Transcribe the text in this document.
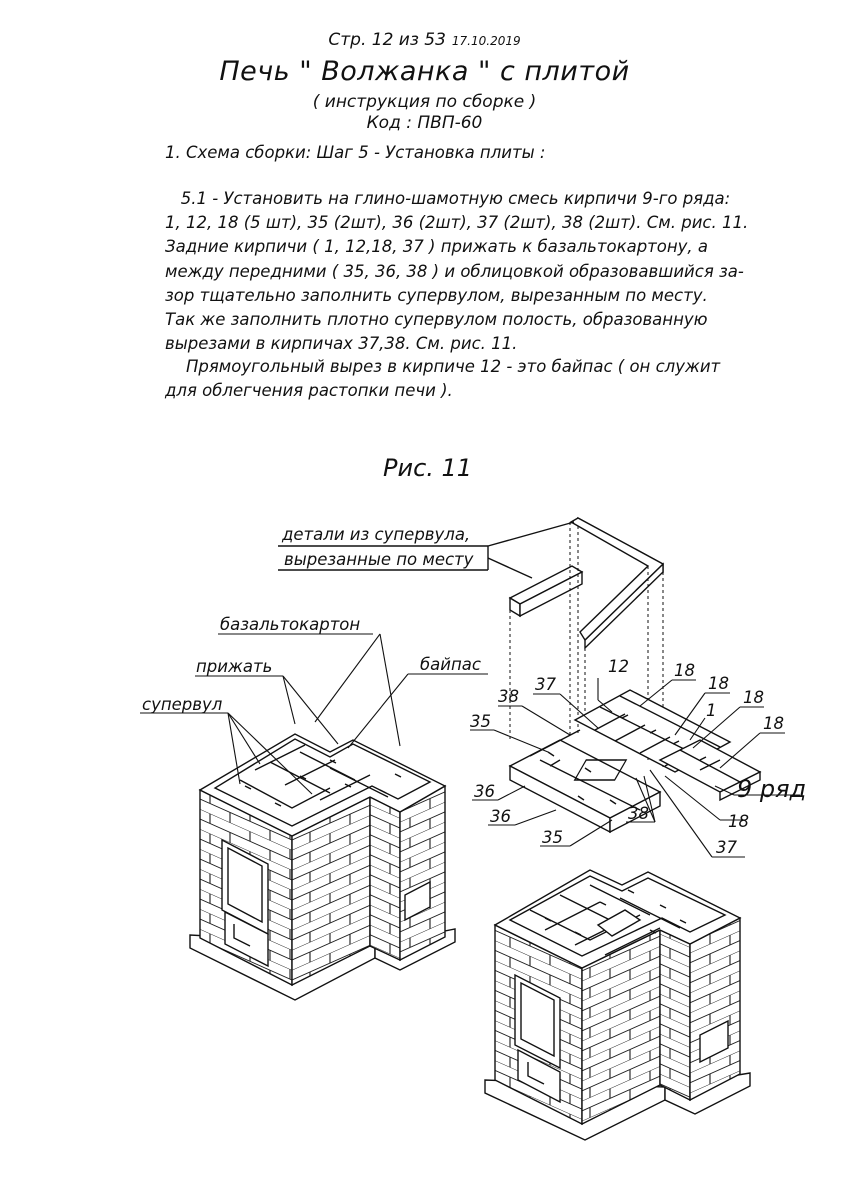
Стр. 12 из 53 17.10.2019
Печь " Волжанка " с плитой
( инструкция по сборке )
Код : ПВП-60
1. Схема сборки: Шаг 5 - Установка плиты :
5.1 - Установить на глино-шамотную смесь кирпичи 9-го ряда:
1, 12, 18 (5 шт), 35 (2шт), 36 (2шт), 37 (2шт), 38 (2шт). См. рис. 11.
Задние кирпичи ( 1, 12,18, 37 ) прижать к базальтокартону, а
между передними ( 35, 36, 38 ) и облицовкой образовавшийся за-
зор тщательно заполнить супервулом, вырезанным по месту.
Так же заполнить плотно супервулом полость, образованную
вырезами в кирпичах 37,38. См. рис. 11.
Прямоугольный вырез в кирпиче 12 - это байпас ( он служит
для облегчения растопки печи ).
Рис. 11
детали из супервула,
вырезанные по месту
базальтокартон
прижать	байпас
супервул
12
37
38
35
18
18
18
1
18
36
36
35
38	18
37
9 ряд
